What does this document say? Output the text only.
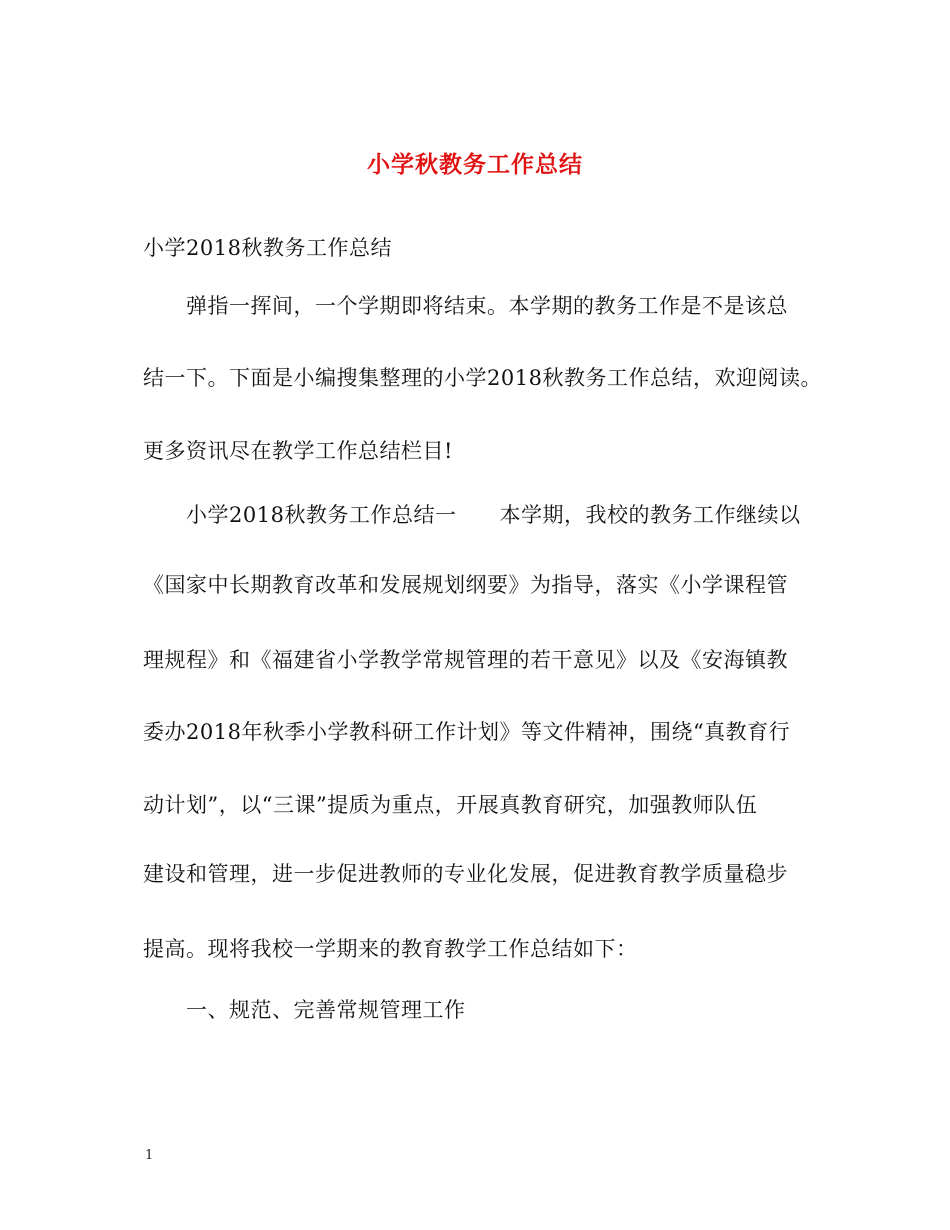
小学秋教务工作总结
小学2018秋教务工作总结
弹指一挥间，一个学期即将结束。本学期的教务工作是不是该总
结一下。下面是小编搜集整理的小学2018秋教务工作总结，欢迎阅读。
更多资讯尽在教学工作总结栏目!
小学2018秋教务工作总结一　　本学期，我校的教务工作继续以
《国家中长期教育改革和发展规划纲要》为指导，落实《小学课程管
理规程》和《福建省小学教学常规管理的若干意见》以及《安海镇教
委办2018年秋季小学教科研工作计划》等文件精神，围绕“真教育行
动计划”，以“三课”提质为重点，开展真教育研究，加强教师队伍
建设和管理，进一步促进教师的专业化发展，促进教育教学质量稳步
提高。现将我校一学期来的教育教学工作总结如下：
一、规范、完善常规管理工作
1
